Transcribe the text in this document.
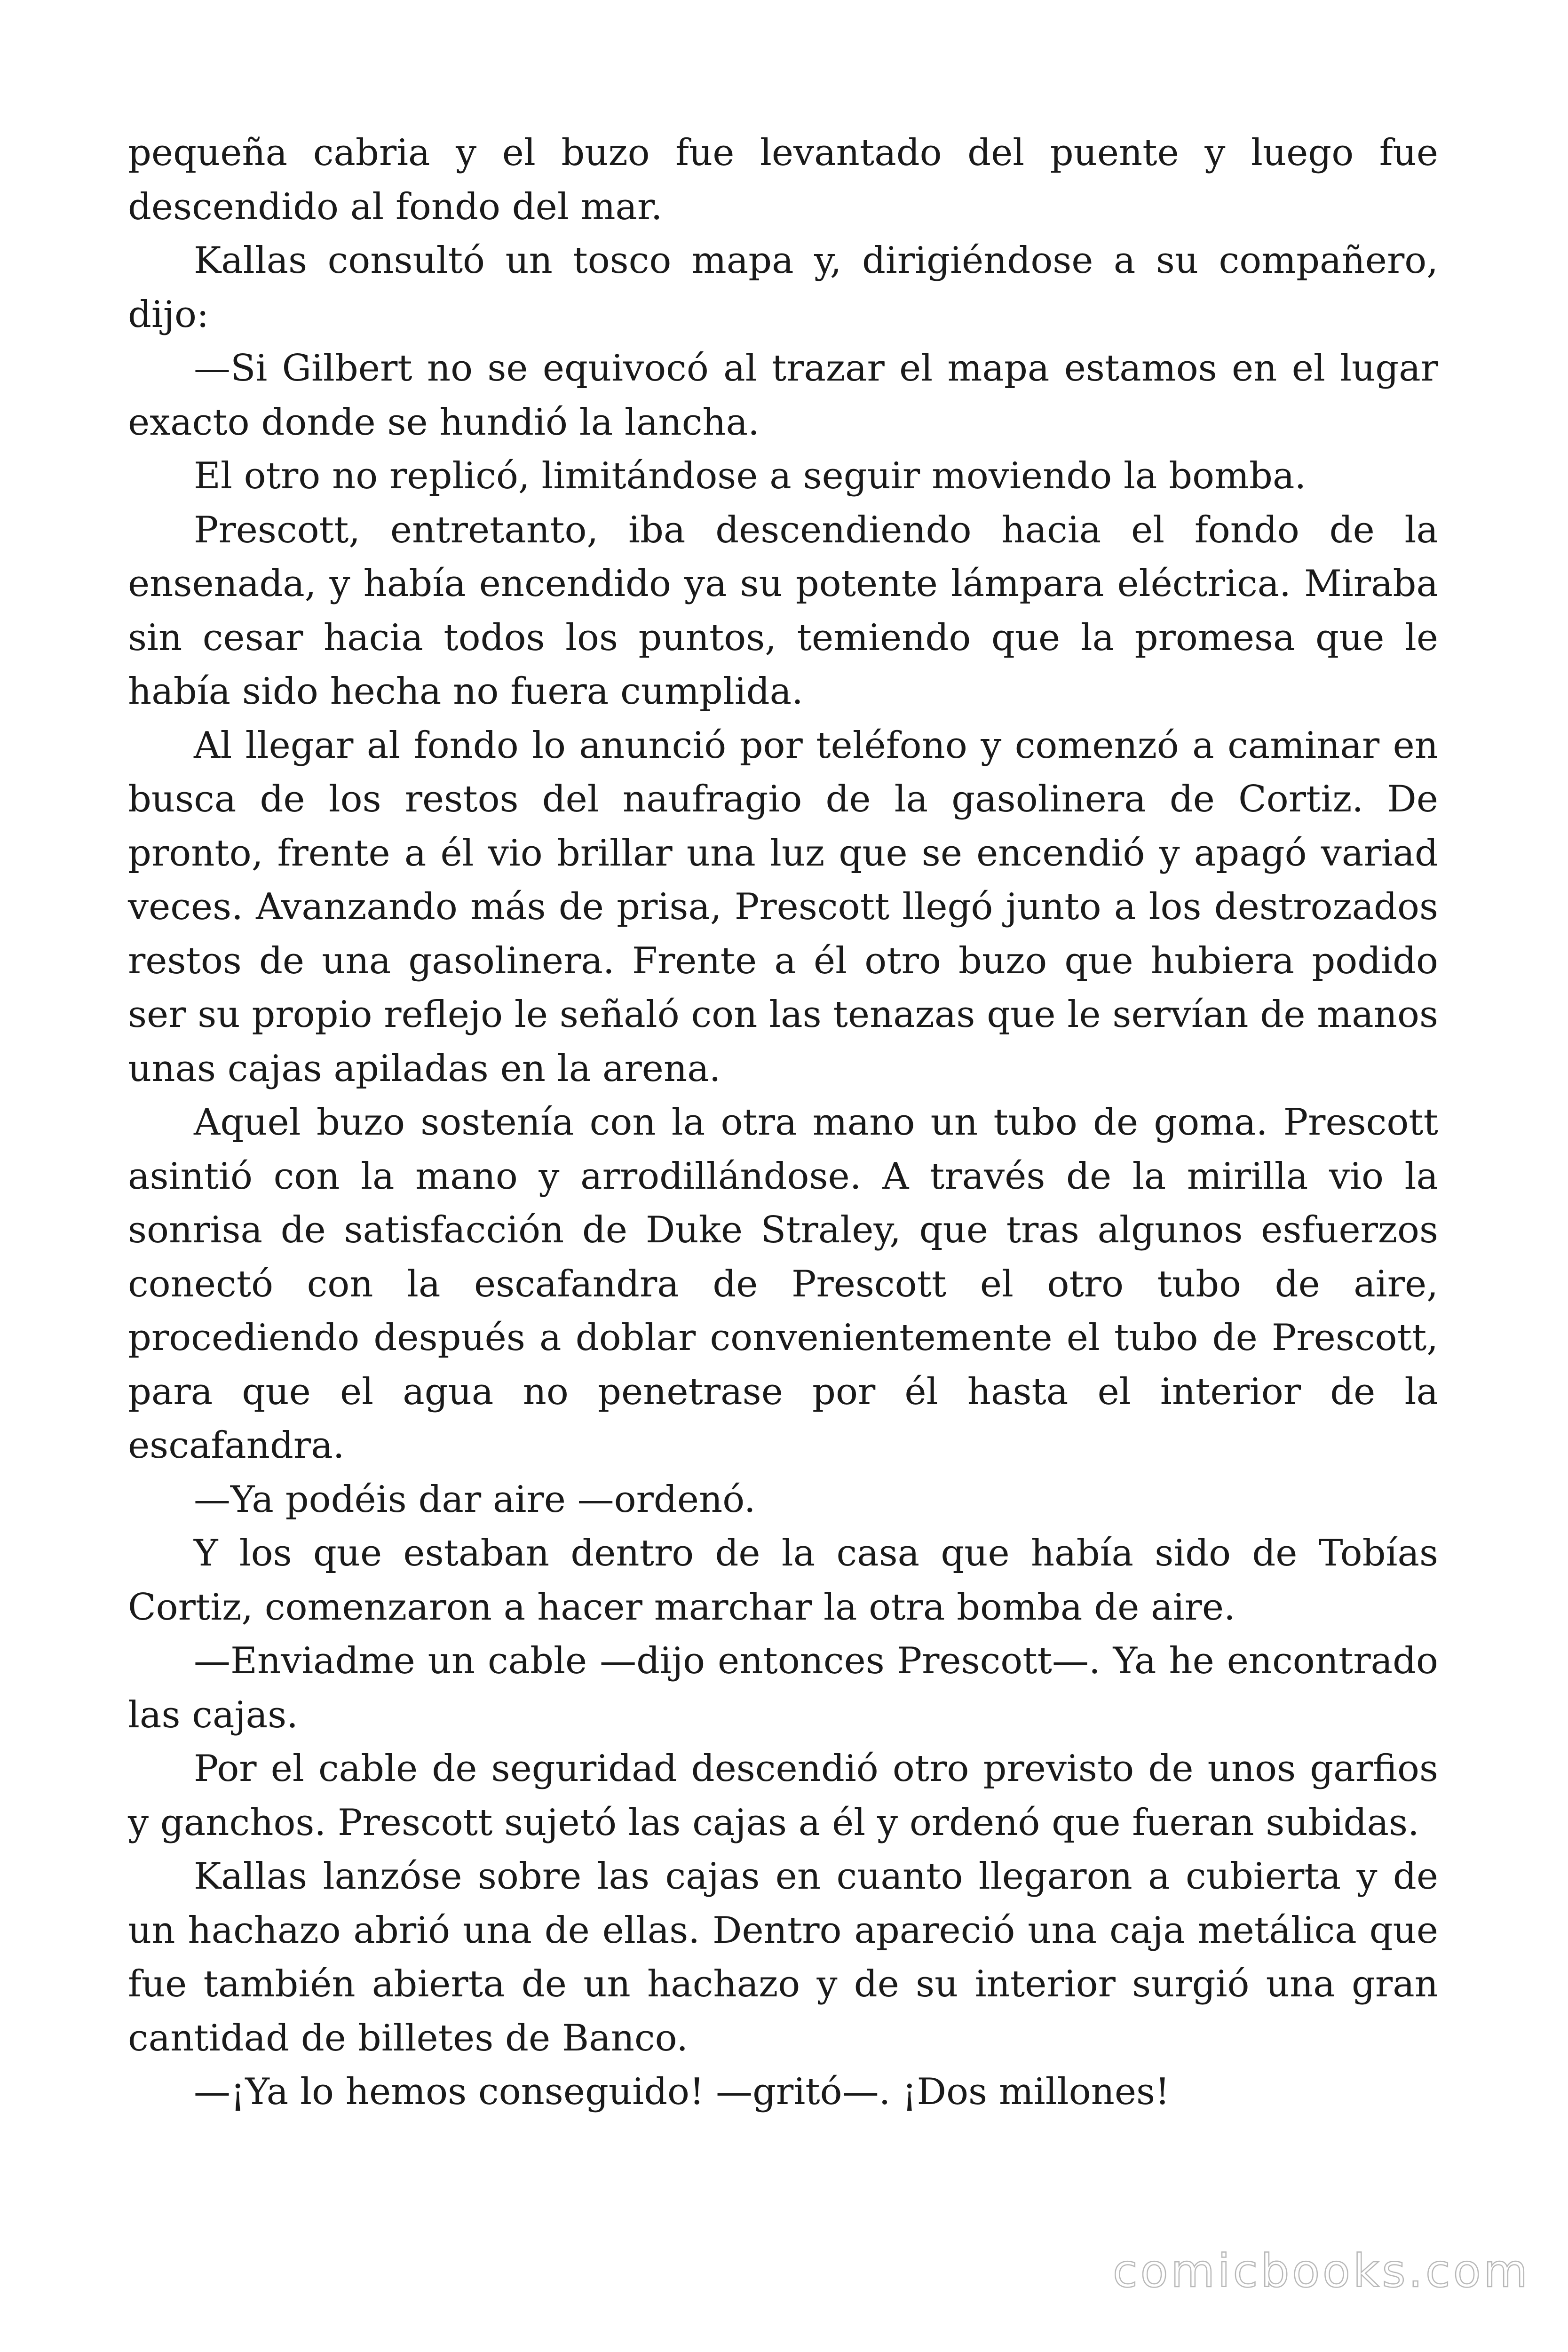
pequeña cabria y el buzo fue levantado del puente y luego fue descendido al fondo del mar.

Kallas consultó un tosco mapa y, dirigiéndose a su compañero, dijo:

—Si Gilbert no se equivocó al trazar el mapa estamos en el lugar exacto donde se hundió la lancha.

El otro no replicó, limitándose a seguir moviendo la bomba.

Prescott, entretanto, iba descendiendo hacia el fondo de la ensenada, y había encendido ya su potente lámpara eléctrica. Miraba sin cesar hacia todos los puntos, temiendo que la promesa que le había sido hecha no fuera cumplida.

Al llegar al fondo lo anunció por teléfono y comenzó a caminar en busca de los restos del naufragio de la gasolinera de Cortiz. De pronto, frente a él vio brillar una luz que se encendió y apagó variad veces. Avanzando más de prisa, Prescott llegó junto a los destrozados restos de una gasolinera. Frente a él otro buzo que hubiera podido ser su propio reflejo le señaló con las tenazas que le servían de manos unas cajas apiladas en la arena.

Aquel buzo sostenía con la otra mano un tubo de goma. Prescott asintió con la mano y arrodillándose. A través de la mirilla vio la sonrisa de satisfacción de Duke Straley, que tras algunos esfuerzos conectó con la escafandra de Prescott el otro tubo de aire, procediendo después a doblar convenientemente el tubo de Prescott, para que el agua no penetrase por él hasta el interior de la escafandra.

—Ya podéis dar aire —ordenó.

Y los que estaban dentro de la casa que había sido de Tobías Cortiz, comenzaron a hacer marchar la otra bomba de aire.

—Enviadme un cable —dijo entonces Prescott—. Ya he encontrado las cajas.

Por el cable de seguridad descendió otro previsto de unos garfios y ganchos. Prescott sujetó las cajas a él y ordenó que fueran subidas.

Kallas lanzóse sobre las cajas en cuanto llegaron a cubierta y de un hachazo abrió una de ellas. Dentro apareció una caja metálica que fue también abierta de un hachazo y de su interior surgió una gran cantidad de billetes de Banco.

—¡Ya lo hemos conseguido! —gritó—. ¡Dos millones!

comicbooks.com
